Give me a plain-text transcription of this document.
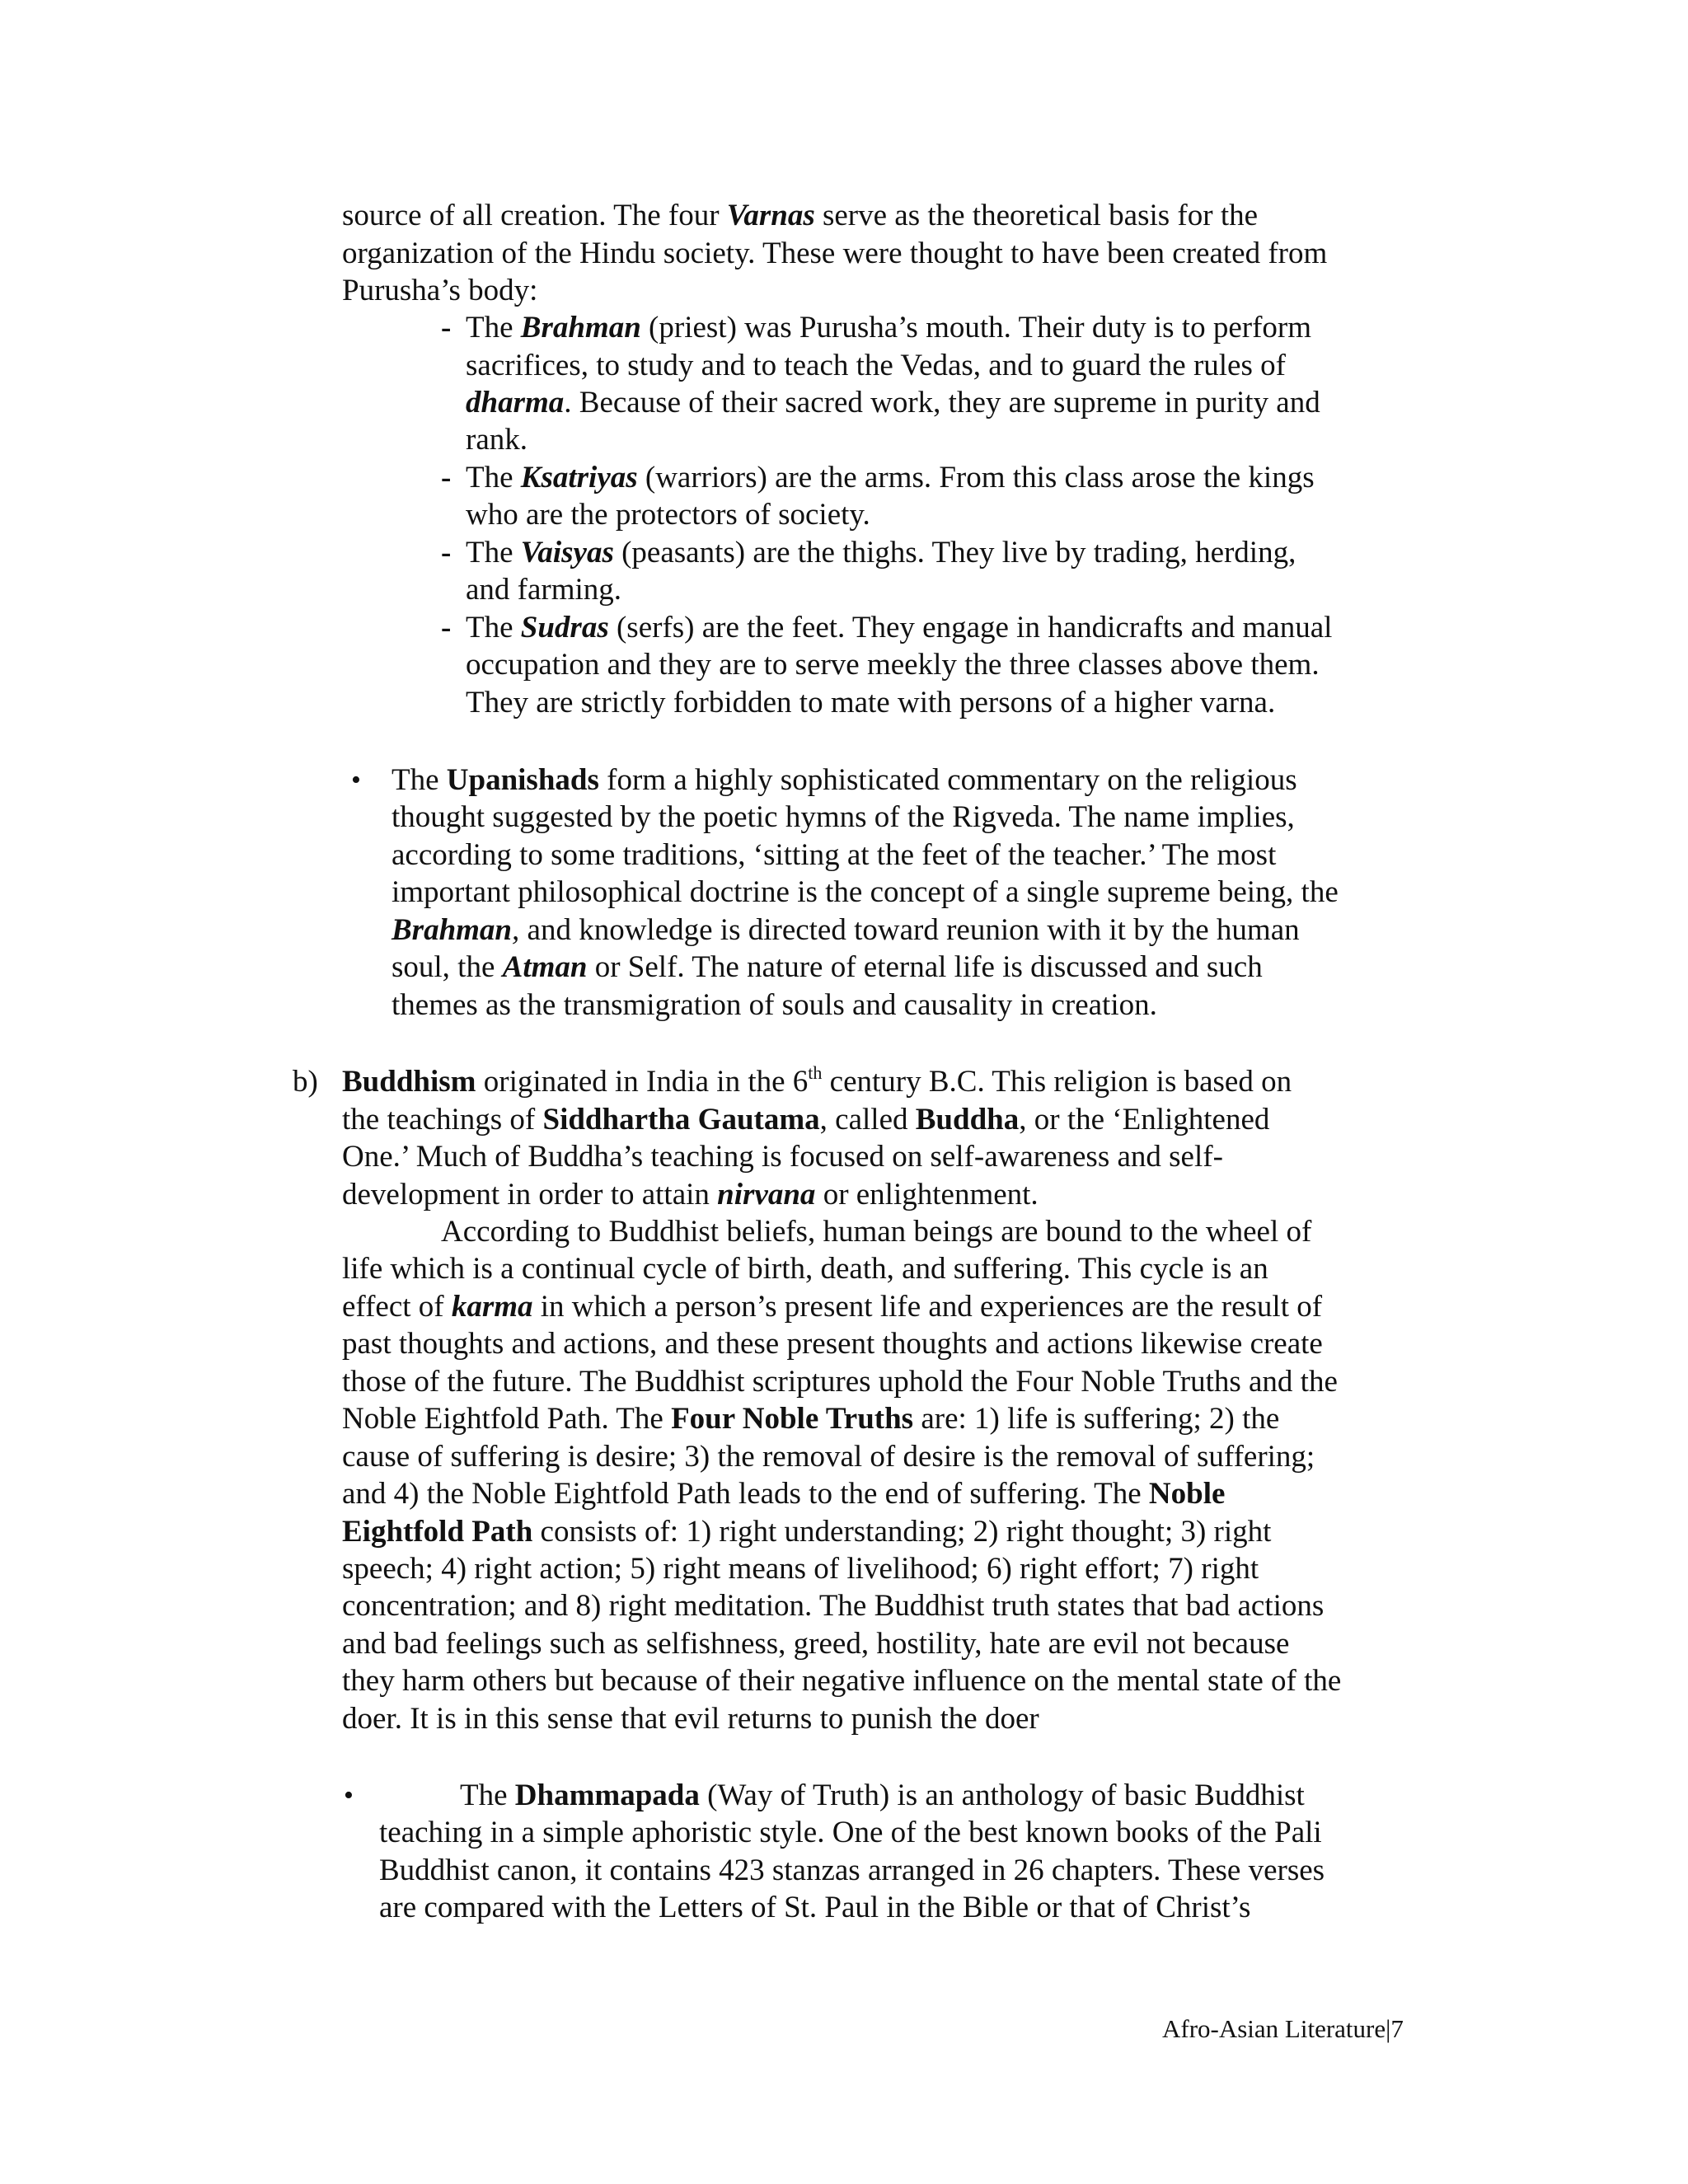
source of all creation. The four Varnas serve as the theoretical basis for the
organization of the Hindu society. These were thought to have been created from
Purusha’s body:
- The Brahman (priest) was Purusha’s mouth. Their duty is to perform
sacrifices, to study and to teach the Vedas, and to guard the rules of
dharma. Because of their sacred work, they are supreme in purity and
rank.
- The Ksatriyas (warriors) are the arms. From this class arose the kings
who are the protectors of society.
- The Vaisyas (peasants) are the thighs. They live by trading, herding,
and farming.
- The Sudras (serfs) are the feet. They engage in handicrafts and manual
occupation and they are to serve meekly the three classes above them.
They are strictly forbidden to mate with persons of a higher varna.
• The Upanishads form a highly sophisticated commentary on the religious
thought suggested by the poetic hymns of the Rigveda. The name implies,
according to some traditions, ‘sitting at the feet of the teacher.’ The most
important philosophical doctrine is the concept of a single supreme being, the
Brahman, and knowledge is directed toward reunion with it by the human
soul, the Atman or Self. The nature of eternal life is discussed and such
themes as the transmigration of souls and causality in creation.
b) Buddhism originated in India in the 6th century B.C. This religion is based on
the teachings of Siddhartha Gautama, called Buddha, or the ‘Enlightened
One.’ Much of Buddha’s teaching is focused on self-awareness and self-
development in order to attain nirvana or enlightenment.
According to Buddhist beliefs, human beings are bound to the wheel of
life which is a continual cycle of birth, death, and suffering. This cycle is an
effect of karma in which a person’s present life and experiences are the result of
past thoughts and actions, and these present thoughts and actions likewise create
those of the future. The Buddhist scriptures uphold the Four Noble Truths and the
Noble Eightfold Path. The Four Noble Truths are: 1) life is suffering; 2) the
cause of suffering is desire; 3) the removal of desire is the removal of suffering;
and 4) the Noble Eightfold Path leads to the end of suffering. The Noble
Eightfold Path consists of: 1) right understanding; 2) right thought; 3) right
speech; 4) right action; 5) right means of livelihood; 6) right effort; 7) right
concentration; and 8) right meditation. The Buddhist truth states that bad actions
and bad feelings such as selfishness, greed, hostility, hate are evil not because
they harm others but because of their negative influence on the mental state of the
doer. It is in this sense that evil returns to punish the doer
•	The Dhammapada (Way of Truth) is an anthology of basic Buddhist
teaching in a simple aphoristic style. One of the best known books of the Pali
Buddhist canon, it contains 423 stanzas arranged in 26 chapters. These verses
are compared with the Letters of St. Paul in the Bible or that of Christ’s
Afro-Asian Literature|7
